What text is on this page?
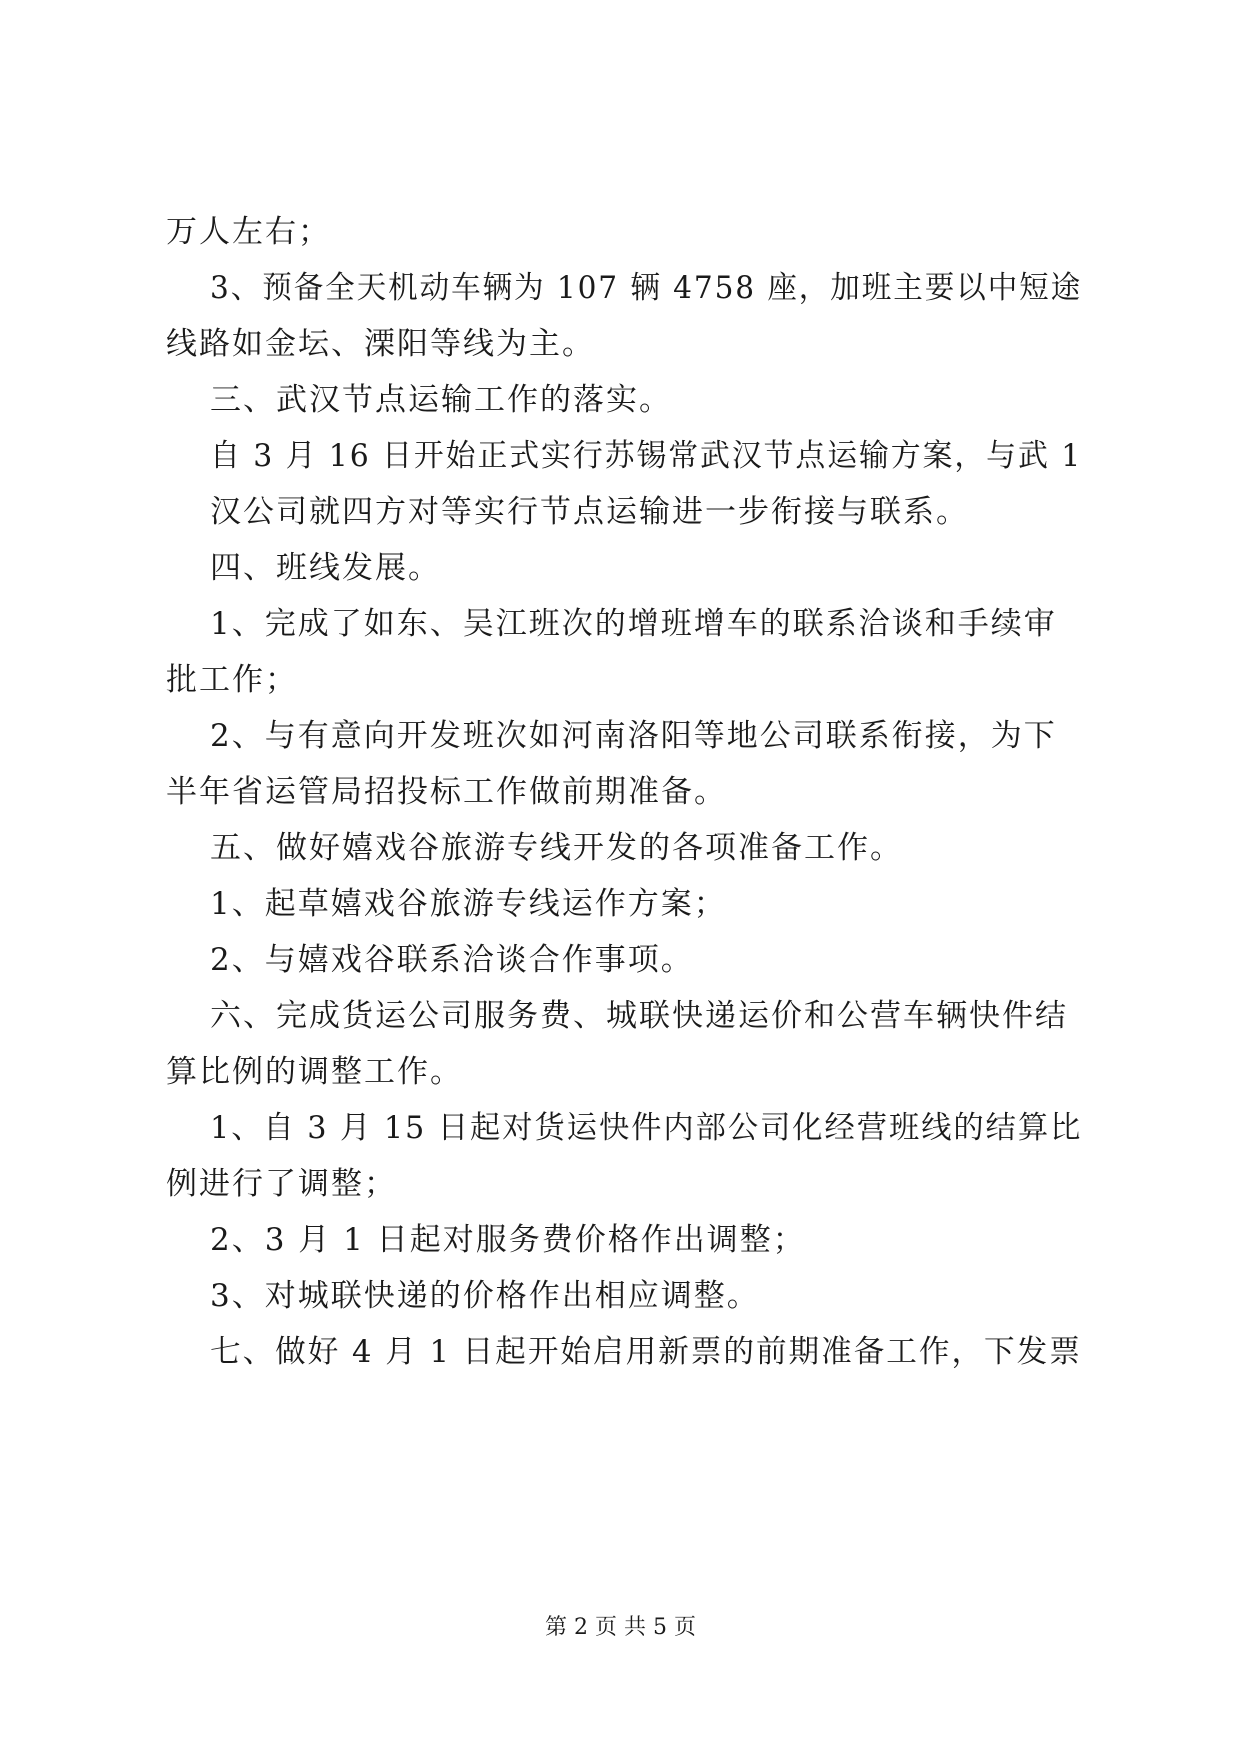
万人左右；
3、预备全天机动车辆为 107 辆 4758 座，加班主要以中短途
线路如金坛、溧阳等线为主。
三、武汉节点运输工作的落实。
自 3 月 16 日开始正式实行苏锡常武汉节点运输方案，与武 1
汉公司就四方对等实行节点运输进一步衔接与联系。
四、班线发展。
1、完成了如东、吴江班次的增班增车的联系洽谈和手续审
批工作；
2、与有意向开发班次如河南洛阳等地公司联系衔接，为下
半年省运管局招投标工作做前期准备。
五、做好嬉戏谷旅游专线开发的各项准备工作。
1、起草嬉戏谷旅游专线运作方案；
2、与嬉戏谷联系洽谈合作事项。
六、完成货运公司服务费、城联快递运价和公营车辆快件结
算比例的调整工作。
1、自 3 月 15 日起对货运快件内部公司化经营班线的结算比
例进行了调整；
2、3 月 1 日起对服务费价格作出调整；
3、对城联快递的价格作出相应调整。
七、做好 4 月 1 日起开始启用新票的前期准备工作，下发票
第 2 页 共 5 页
